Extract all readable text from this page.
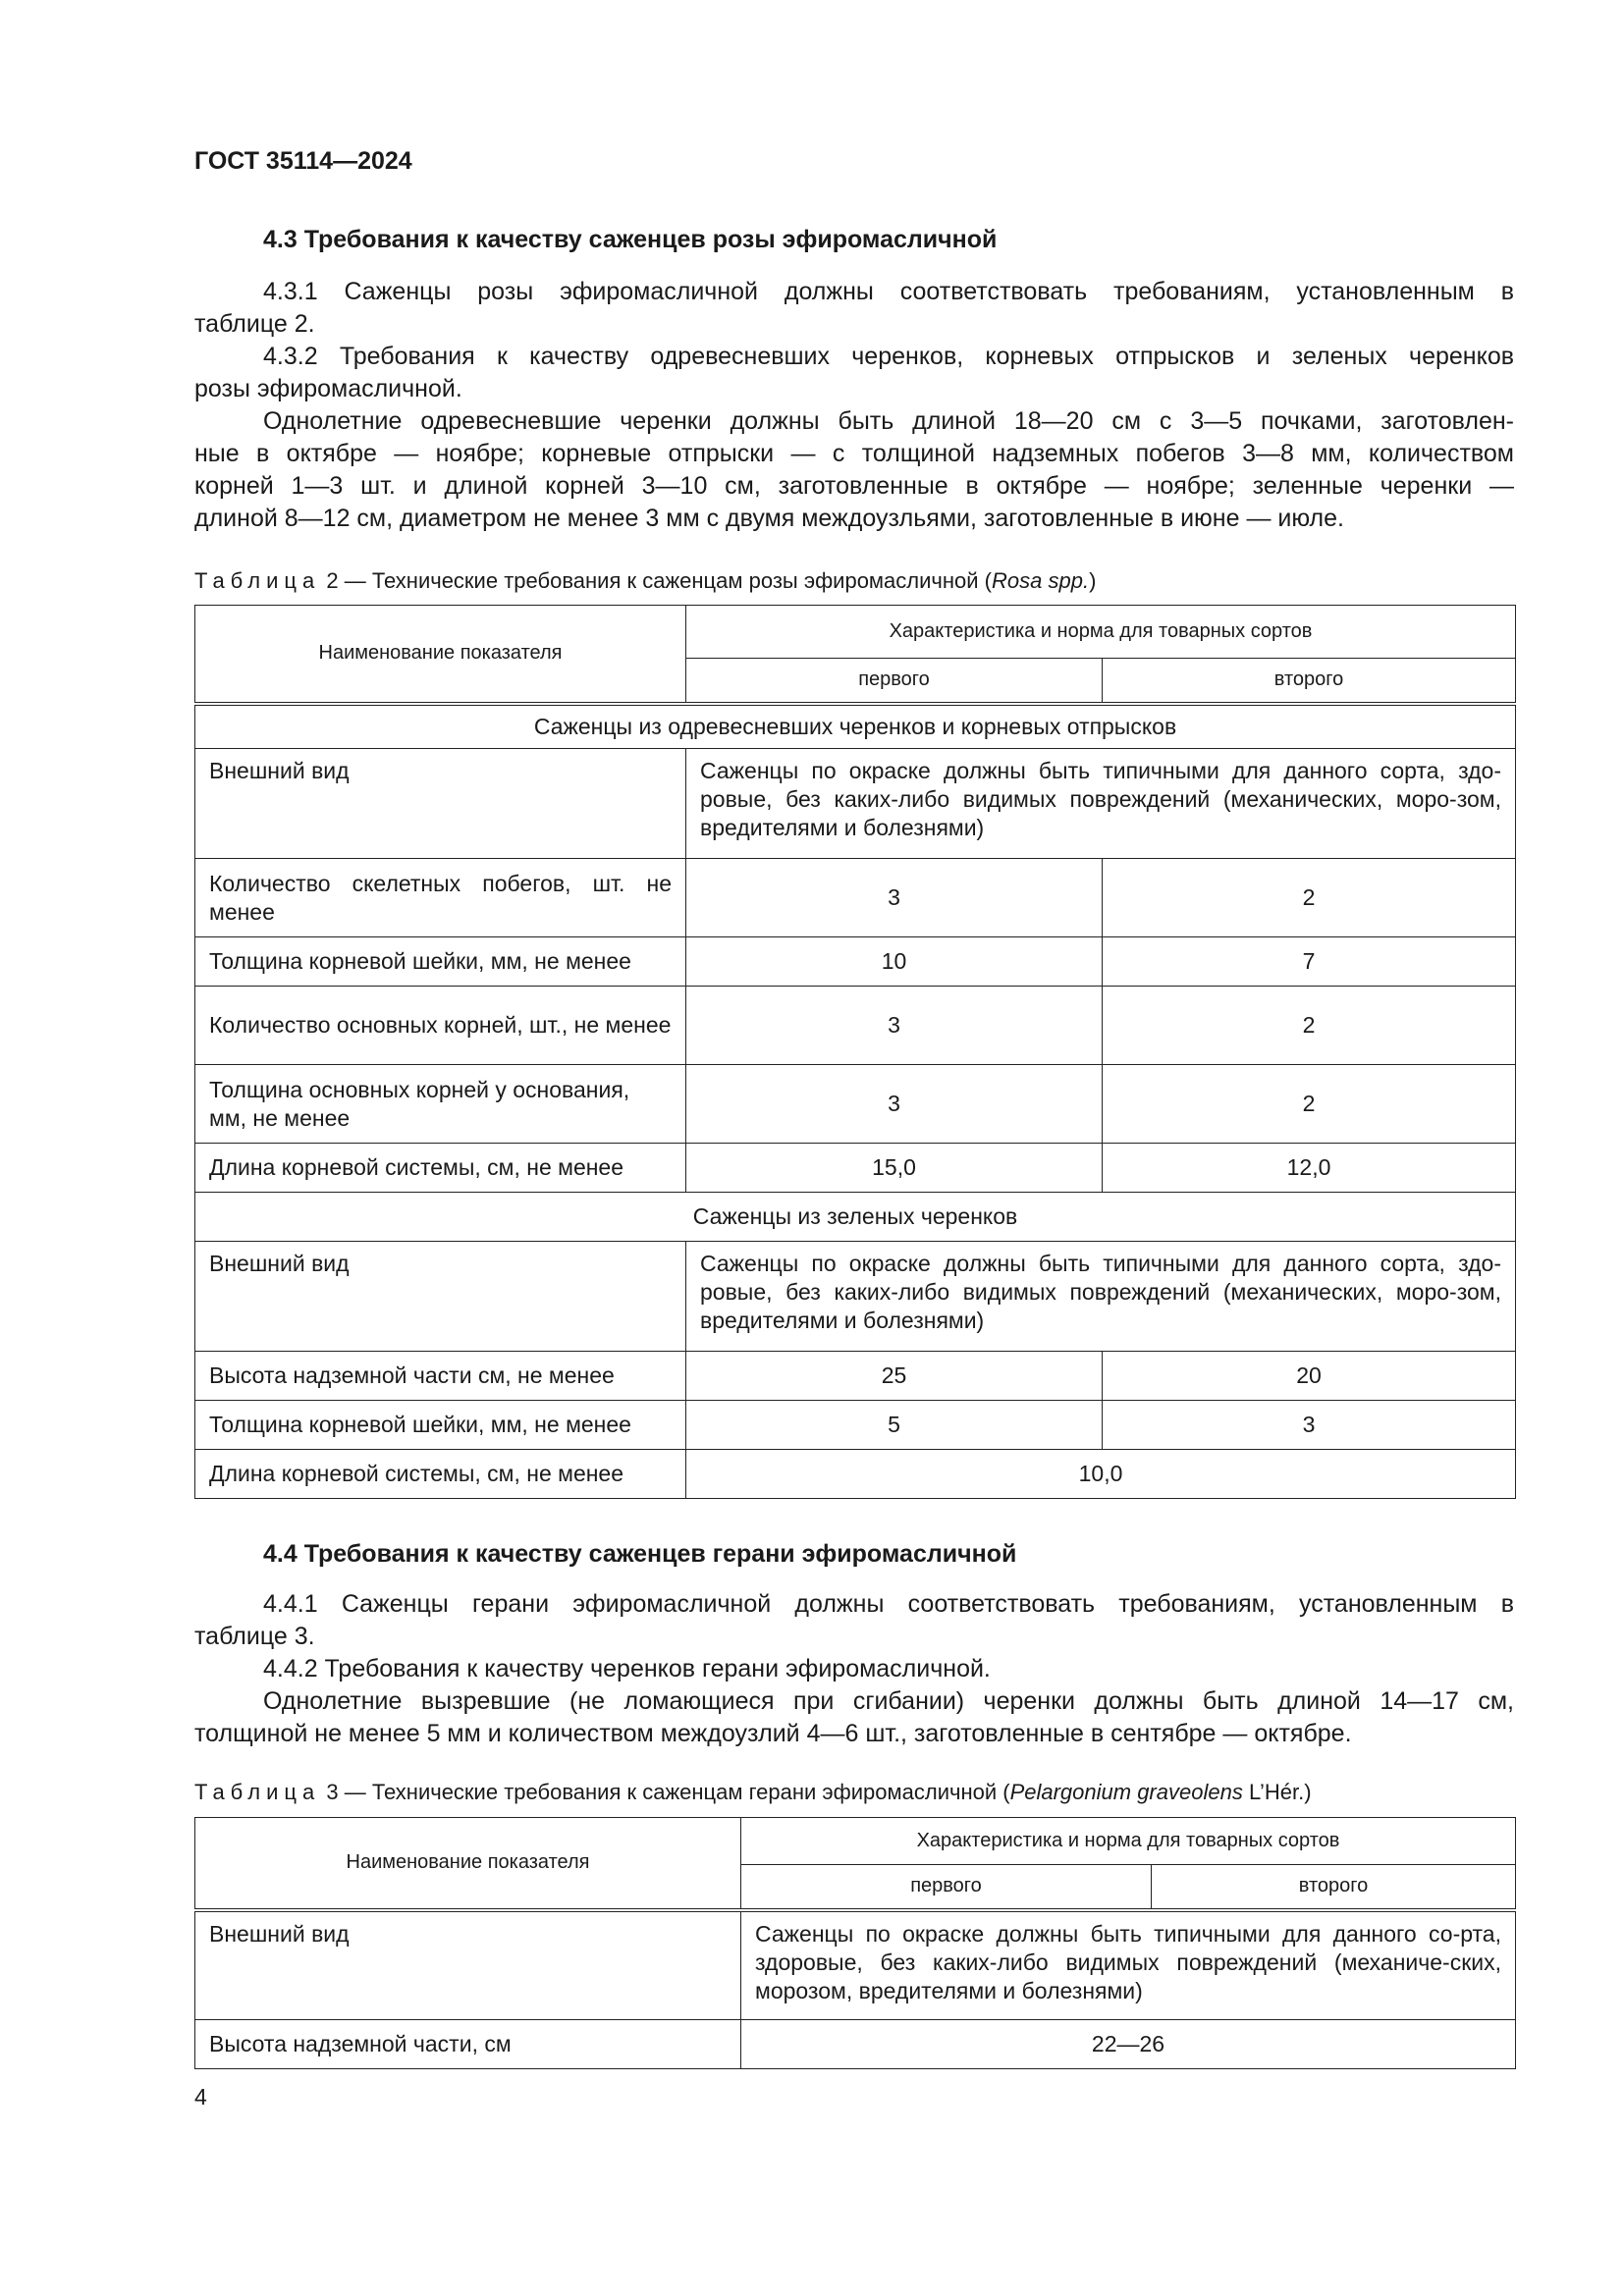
ГОСТ 35114—2024
4.3 Требования к качеству саженцев розы эфиромасличной
4.3.1 Саженцы розы эфиромасличной должны соответствовать требованиям, установленным в
таблице 2.
4.3.2 Требования к качеству одревесневших черенков, корневых отпрысков и зеленых черенков
розы эфиромасличной.
Однолетние одревесневшие черенки должны быть длиной 18—20 см с 3—5 почками, заготовлен-
ные в октябре — ноябре; корневые отпрыски — с толщиной надземных побегов 3—8 мм, количеством
корней 1—3 шт. и длиной корней 3—10 см, заготовленные в октябре — ноябре; зеленные черенки —
длиной 8—12 см, диаметром не менее 3 мм с двумя междоузльями, заготовленные в июне — июле.
Таблица 2 — Технические требования к саженцам розы эфиромасличной (Rosa spp.)
Наименование показателя	Характеристика и норма для товарных сортов	
	первого	второго
Саженцы из одревесневших черенков и корневых отпрысков		
Внешний вид	Саженцы по окраске должны быть типичными для данного сорта, здо-ровые, без каких-либо видимых повреждений (механических, моро-зом, вредителями и болезнями)	
Количество скелетных побегов, шт. не менее	3	2
Толщина корневой шейки, мм, не менее	10	7
Количество основных корней, шт., не менее	3	2
Толщина основных корней у основания, мм, не менее	3	2
Длина корневой системы, см, не менее	15,0	12,0
Саженцы из зеленых черенков		
Внешний вид	Саженцы по окраске должны быть типичными для данного сорта, здо-ровые, без каких-либо видимых повреждений (механических, моро-зом, вредителями и болезнями)	
Высота надземной части см, не менее	25	20
Толщина корневой шейки, мм, не менее	5	3
Длина корневой системы, см, не менее	10,0	
4.4 Требования к качеству саженцев герани эфиромасличной
4.4.1 Саженцы герани эфиромасличной должны соответствовать требованиям, установленным в
таблице 3.
4.4.2 Требования к качеству черенков герани эфиромасличной.
Однолетние вызревшие (не ломающиеся при сгибании) черенки должны быть длиной 14—17 см,
толщиной не менее 5 мм и количеством междоузлий 4—6 шт., заготовленные в сентябре — октябре.
Таблица 3 — Технические требования к саженцам герани эфиромасличной (Pelargonium graveolens L’Hér.)
Наименование показателя	Характеристика и норма для товарных сортов	
	первого	второго
Внешний вид	Саженцы по окраске должны быть типичными для данного со-рта, здоровые, без каких-либо видимых повреждений (механиче-ских, морозом, вредителями и болезнями)	
Высота надземной части, см	22—26	
4
